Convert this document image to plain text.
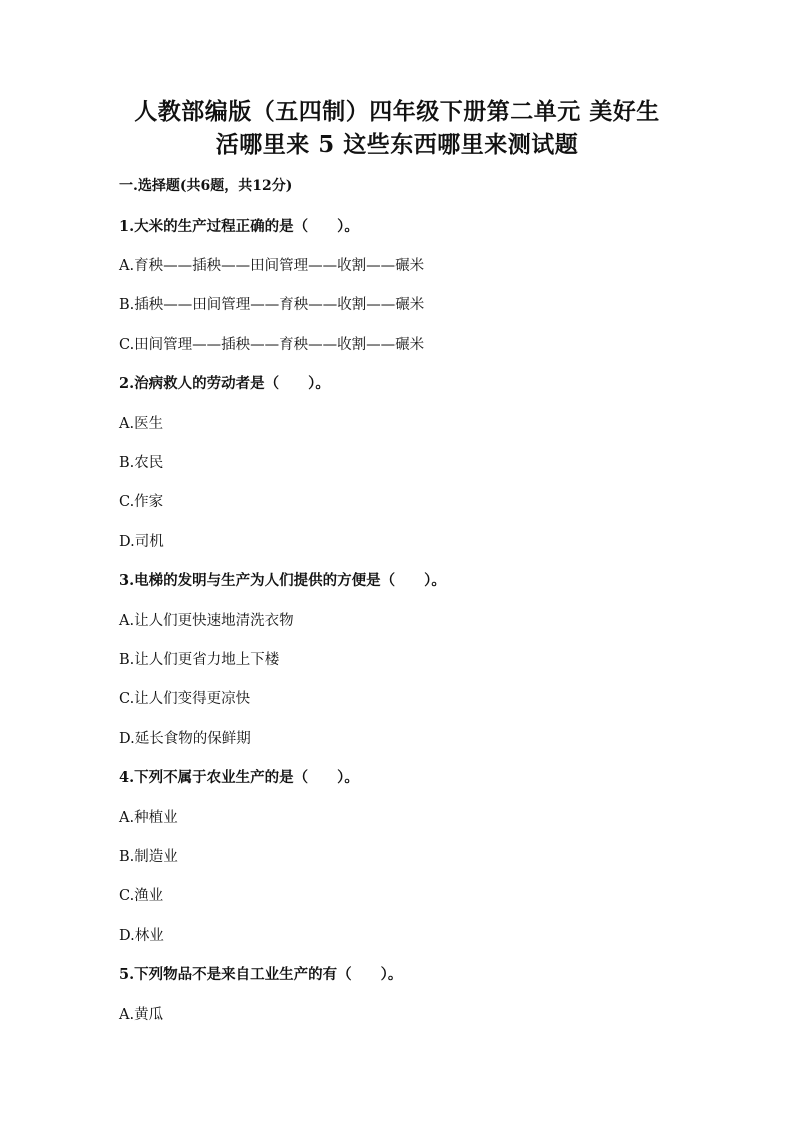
人教部编版（五四制）四年级下册第二单元 美好生
活哪里来 5 这些东西哪里来测试题
一.选择题(共6题，共12分)
1.大米的生产过程正确的是（　　）。
A.育秧——插秧——田间管理——收割——碾米
B.插秧——田间管理——育秧——收割——碾米
C.田间管理——插秧——育秧——收割——碾米
2.治病救人的劳动者是（　　）。
A.医生
B.农民
C.作家
D.司机
3.电梯的发明与生产为人们提供的方便是（　　）。
A.让人们更快速地清洗衣物
B.让人们更省力地上下楼
C.让人们变得更凉快
D.延长食物的保鲜期
4.下列不属于农业生产的是（　　）。
A.种植业
B.制造业
C.渔业
D.林业
5.下列物品不是来自工业生产的有（　　）。
A.黄瓜
